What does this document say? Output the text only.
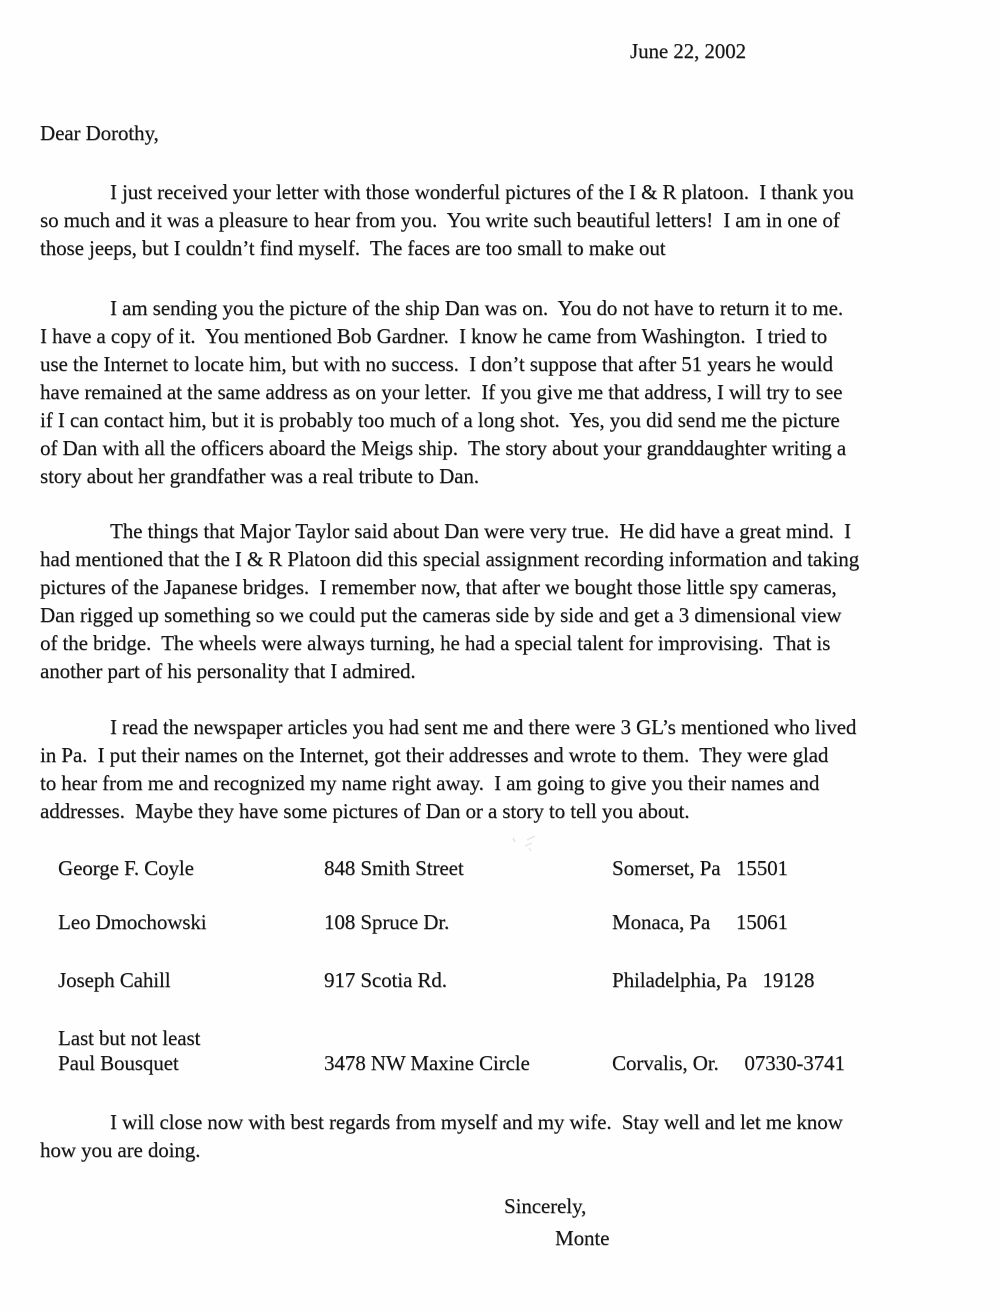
June 22, 2002
Dear Dorothy,
I just received your letter with those wonderful pictures of the I & R platoon.  I thank you
so much and it was a pleasure to hear from you.  You write such beautiful letters!  I am in one of
those jeeps, but I couldn’t find myself.  The faces are too small to make out
I am sending you the picture of the ship Dan was on.  You do not have to return it to me.
I have a copy of it.  You mentioned Bob Gardner.  I know he came from Washington.  I tried to
use the Internet to locate him, but with no success.  I don’t suppose that after 51 years he would
have remained at the same address as on your letter.  If you give me that address, I will try to see
if I can contact him, but it is probably too much of a long shot.  Yes, you did send me the picture
of Dan with all the officers aboard the Meigs ship.  The story about your granddaughter writing a
story about her grandfather was a real tribute to Dan.
The things that Major Taylor said about Dan were very true.  He did have a great mind.  I
had mentioned that the I & R Platoon did this special assignment recording information and taking
pictures of the Japanese bridges.  I remember now, that after we bought those little spy cameras,
Dan rigged up something so we could put the cameras side by side and get a 3 dimensional view
of the bridge.  The wheels were always turning, he had a special talent for improvising.  That is
another part of his personality that I admired.
I read the newspaper articles you had sent me and there were 3 GL’s mentioned who lived
in Pa.  I put their names on the Internet, got their addresses and wrote to them.  They were glad
to hear from me and recognized my name right away.  I am going to give you their names and
addresses.  Maybe they have some pictures of Dan or a story to tell you about.
George F. Coyle	848 Smith Street	Somerset, Pa   15501
Leo Dmochowski	108 Spruce Dr.	Monaca, Pa     15061
Joseph Cahill	917 Scotia Rd.	Philadelphia, Pa   19128
Last but not least
Paul Bousquet	3478 NW Maxine Circle	Corvalis, Or.     07330-3741
I will close now with best regards from myself and my wife.  Stay well and let me know
how you are doing.
Sincerely,
Monte
